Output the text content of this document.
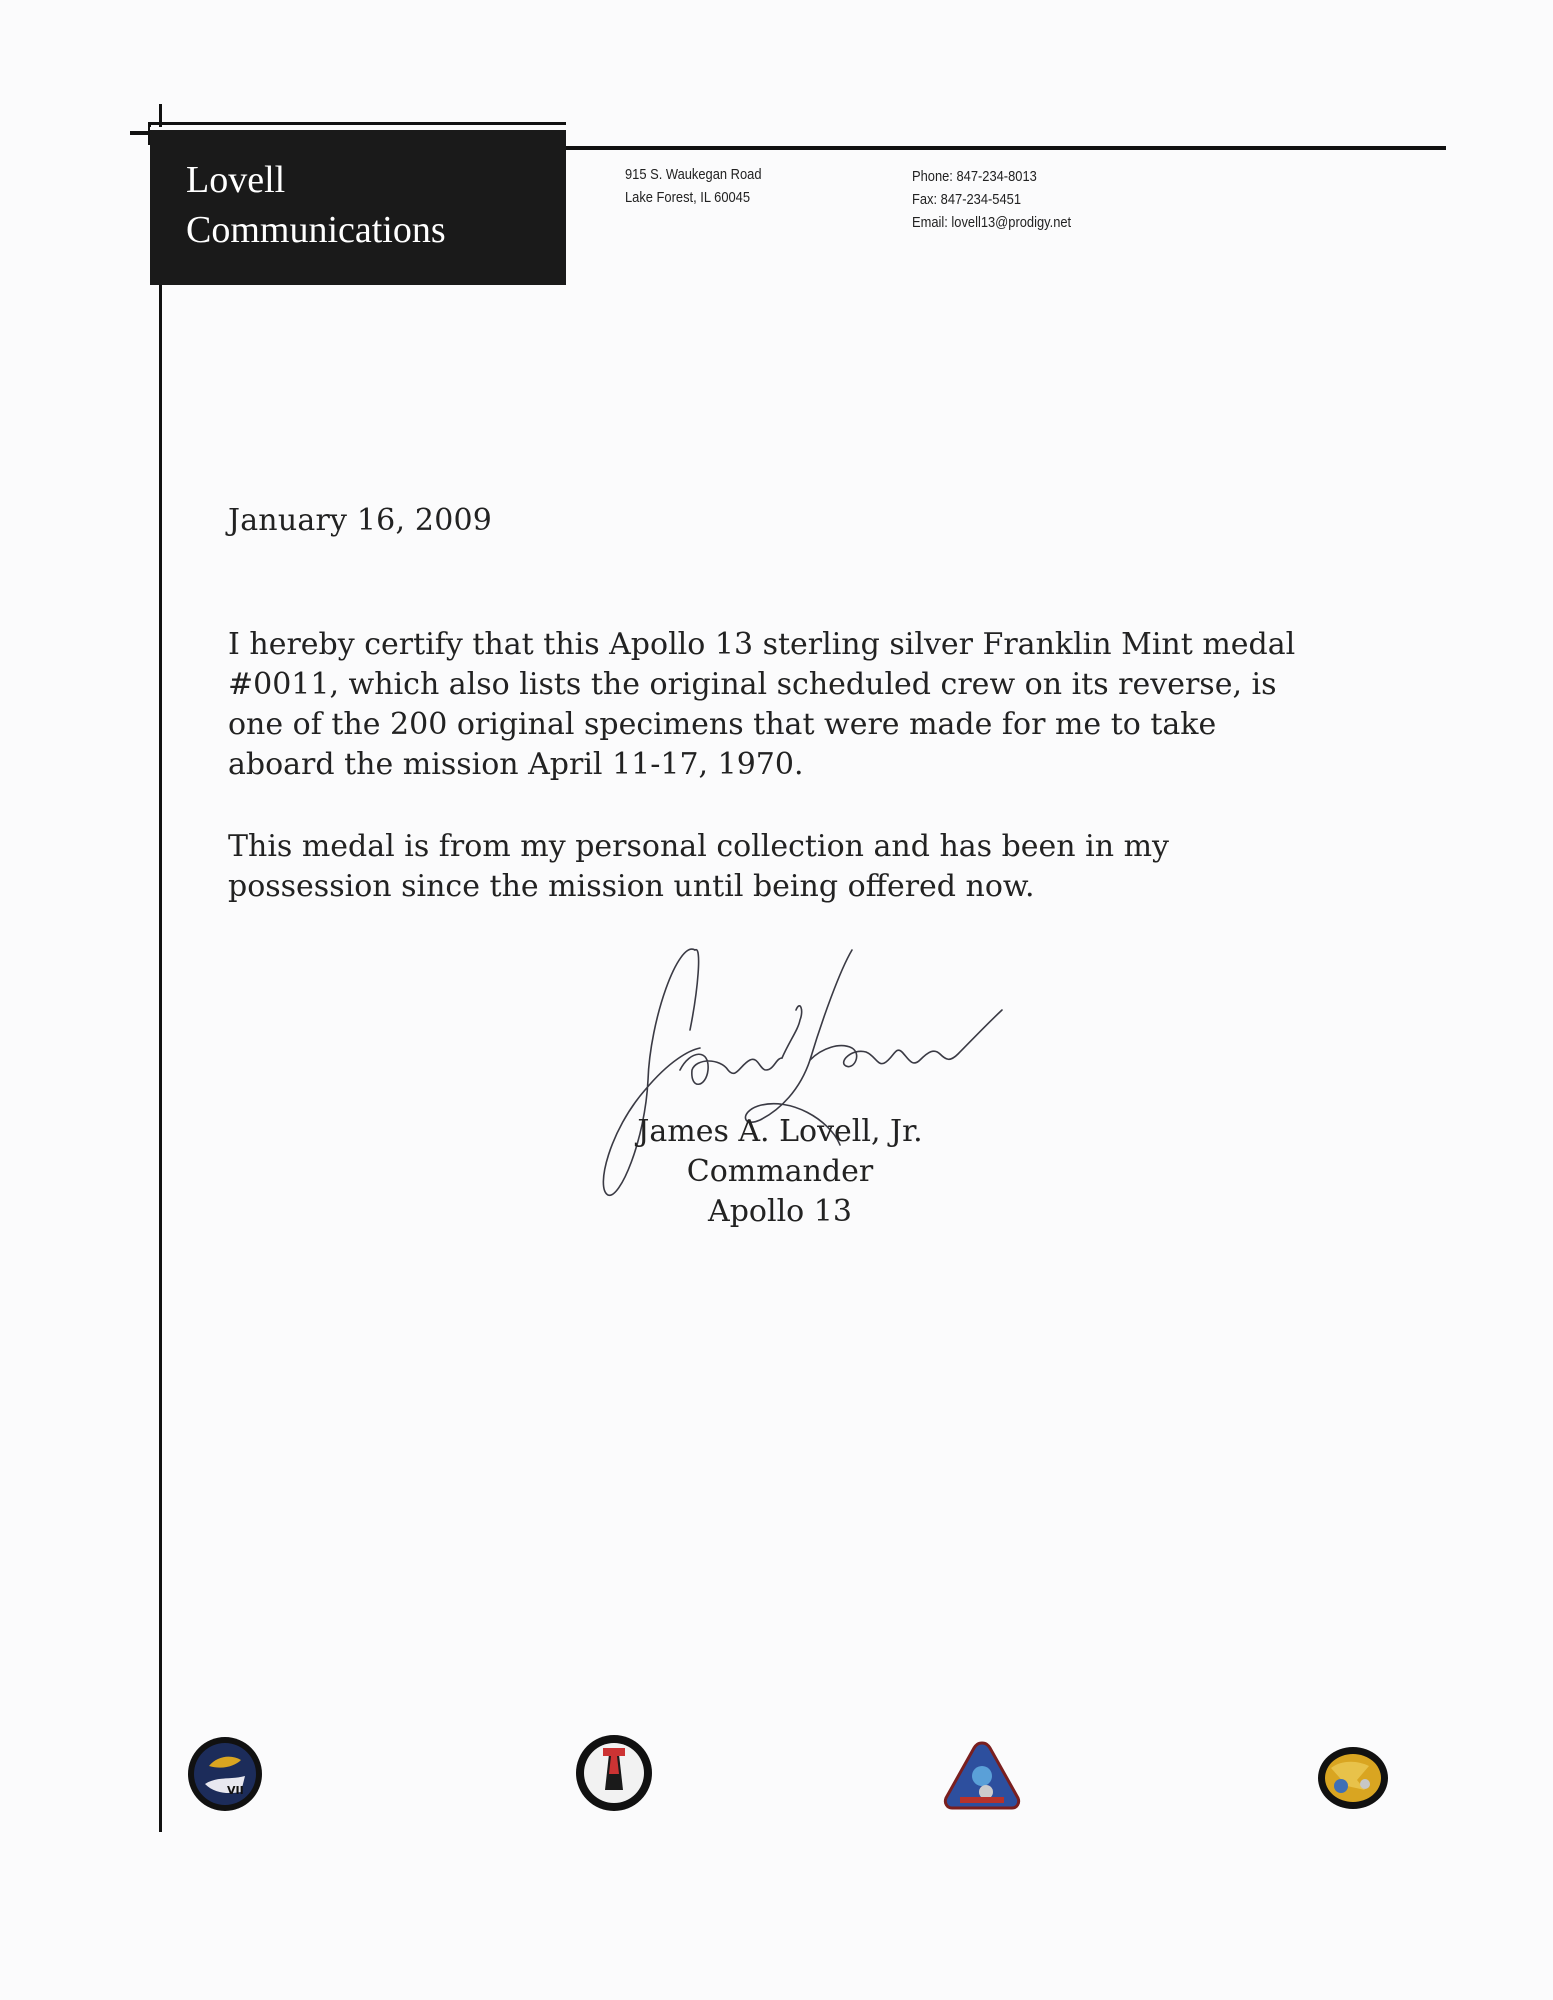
Lovell
Communications
915 S. Waukegan Road
Lake Forest, IL 60045
Phone: 847-234-8013
Fax: 847-234-5451
Email: lovell13@prodigy.net
January 16, 2009
I hereby certify that this Apollo 13 sterling silver Franklin Mint medal
#0011, which also lists the original scheduled crew on its reverse, is
one of the 200 original specimens that were made for me to take
aboard the mission April 11-17, 1970.
This medal is from my personal collection and has been in my
possession since the mission until being offered now.
James A. Lovell, Jr.
Commander
Apollo 13
VII
